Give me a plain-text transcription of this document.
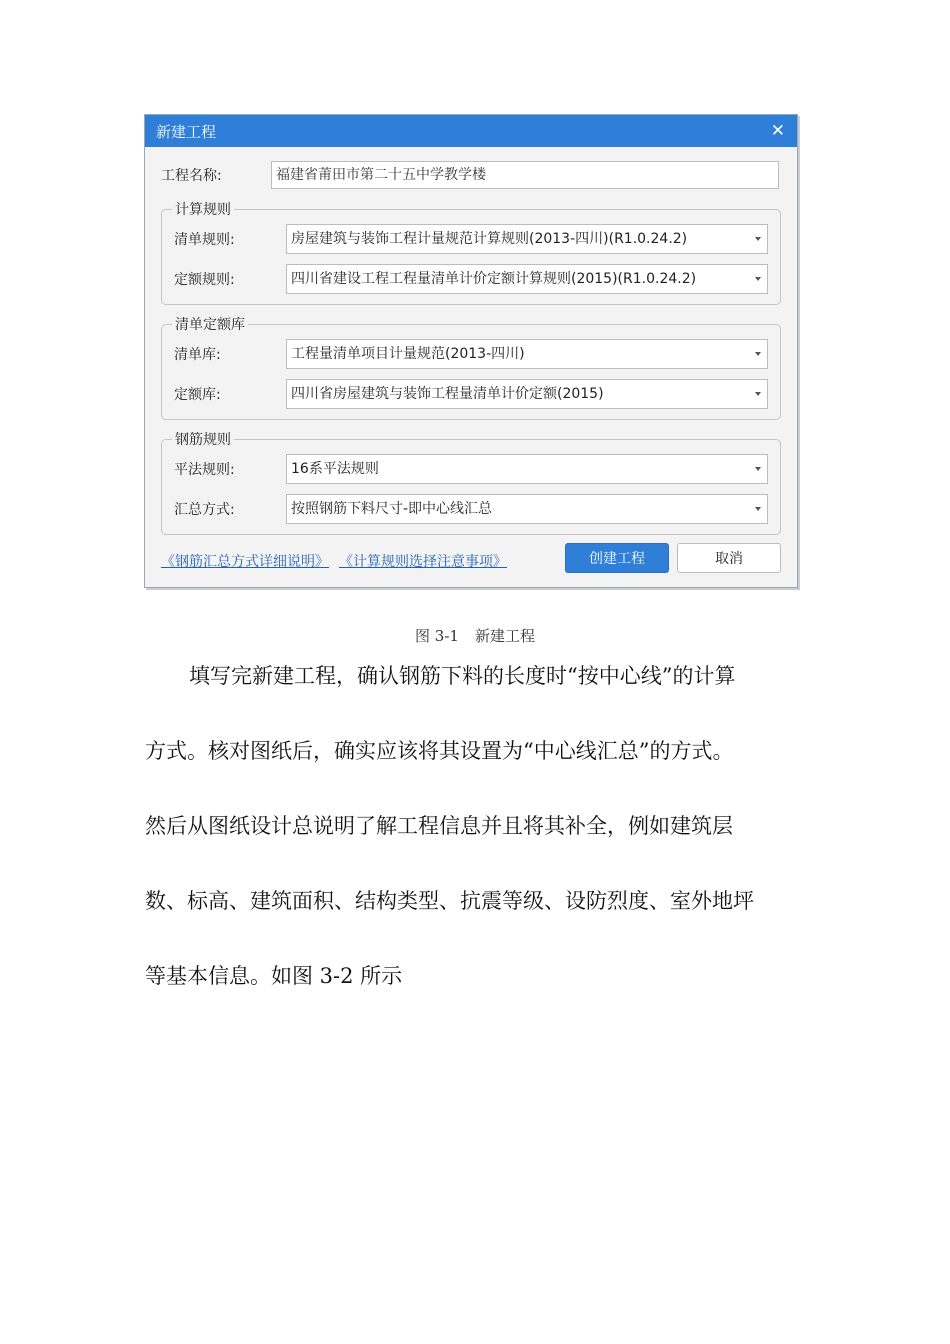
新建工程	✕
工程名称:	福建省莆田市第二十五中学教学楼
计算规则
清单规则:	房屋建筑与装饰工程计量规范计算规则(2013-四川)(R1.0.24.2)
定额规则:	四川省建设工程工程量清单计价定额计算规则(2015)(R1.0.24.2)
清单定额库
清单库:	工程量清单项目计量规范(2013-四川)
定额库:	四川省房屋建筑与装饰工程量清单计价定额(2015)
钢筋规则
平法规则:	16系平法规则
汇总方式:	按照钢筋下料尺寸-即中心线汇总
《钢筋汇总方式详细说明》 《计算规则选择注意事项》	创建工程	取消
图 3-1 新建工程
填写完新建工程，确认钢筋下料的长度时“按中心线”的计算
方式。核对图纸后，确实应该将其设置为“中心线汇总”的方式。
然后从图纸设计总说明了解工程信息并且将其补全，例如建筑层
数、标高、建筑面积、结构类型、抗震等级、设防烈度、室外地坪
等基本信息。如图 3-2 所示
